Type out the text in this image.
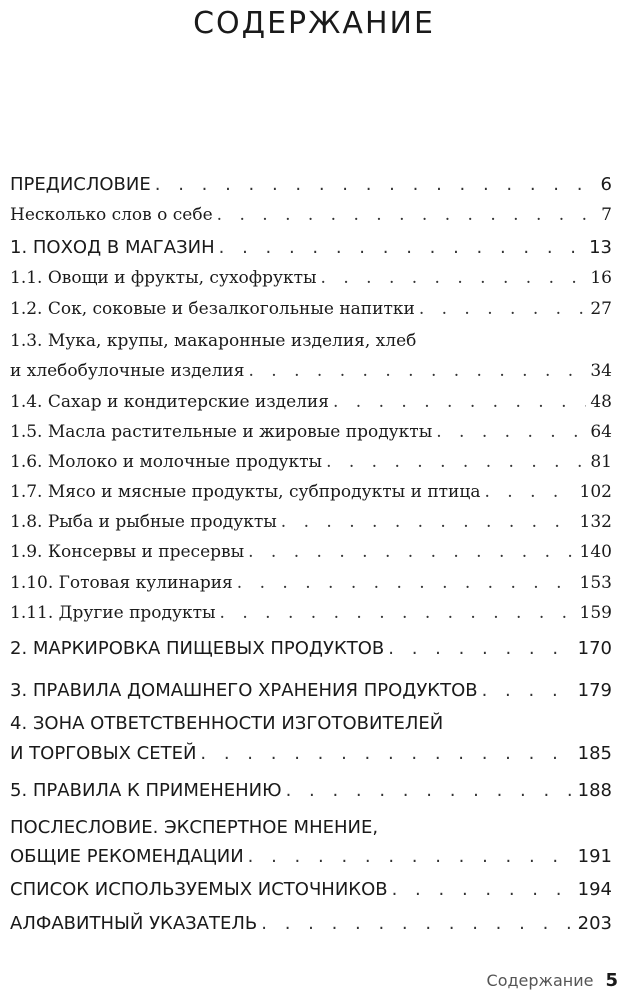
СОДЕРЖАНИЕ
ПРЕДИСЛОВИЕ . . .	6
Несколько слов о себе . . .	7
1. ПОХОД В МАГАЗИН . . .	13
1.1. Овощи и фрукты, сухофрукты . . .	16
1.2. Сок, соковые и безалкогольные напитки . . .	27
1.3. Мука, крупы, макаронные изделия, хлеб
и хлебобулочные изделия . . .	34
1.4. Сахар и кондитерские изделия . . .	48
1.5. Масла растительные и жировые продукты . . .	64
1.6. Молоко и молочные продукты . . .	81
1.7. Мясо и мясные продукты, субпродукты и птица . . .	102
1.8. Рыба и рыбные продукты . . .	132
1.9. Консервы и пресервы . . .	140
1.10. Готовая кулинария . . .	153
1.11. Другие продукты . . .	159
2. МАРКИРОВКА ПИЩЕВЫХ ПРОДУКТОВ . . .	170
3. ПРАВИЛА ДОМАШНЕГО ХРАНЕНИЯ ПРОДУКТОВ . . .	179
4. ЗОНА ОТВЕТСТВЕННОСТИ ИЗГОТОВИТЕЛЕЙ
И ТОРГОВЫХ СЕТЕЙ . . .	185
5. ПРАВИЛА К ПРИМЕНЕНИЮ . . .	188
ПОСЛЕСЛОВИЕ. ЭКСПЕРТНОЕ МНЕНИЕ,
ОБЩИЕ РЕКОМЕНДАЦИИ . . .	191
СПИСОК ИСПОЛЬЗУЕМЫХ ИСТОЧНИКОВ . . .	194
АЛФАВИТНЫЙ УКАЗАТЕЛЬ . . .	203
Содержание 5
